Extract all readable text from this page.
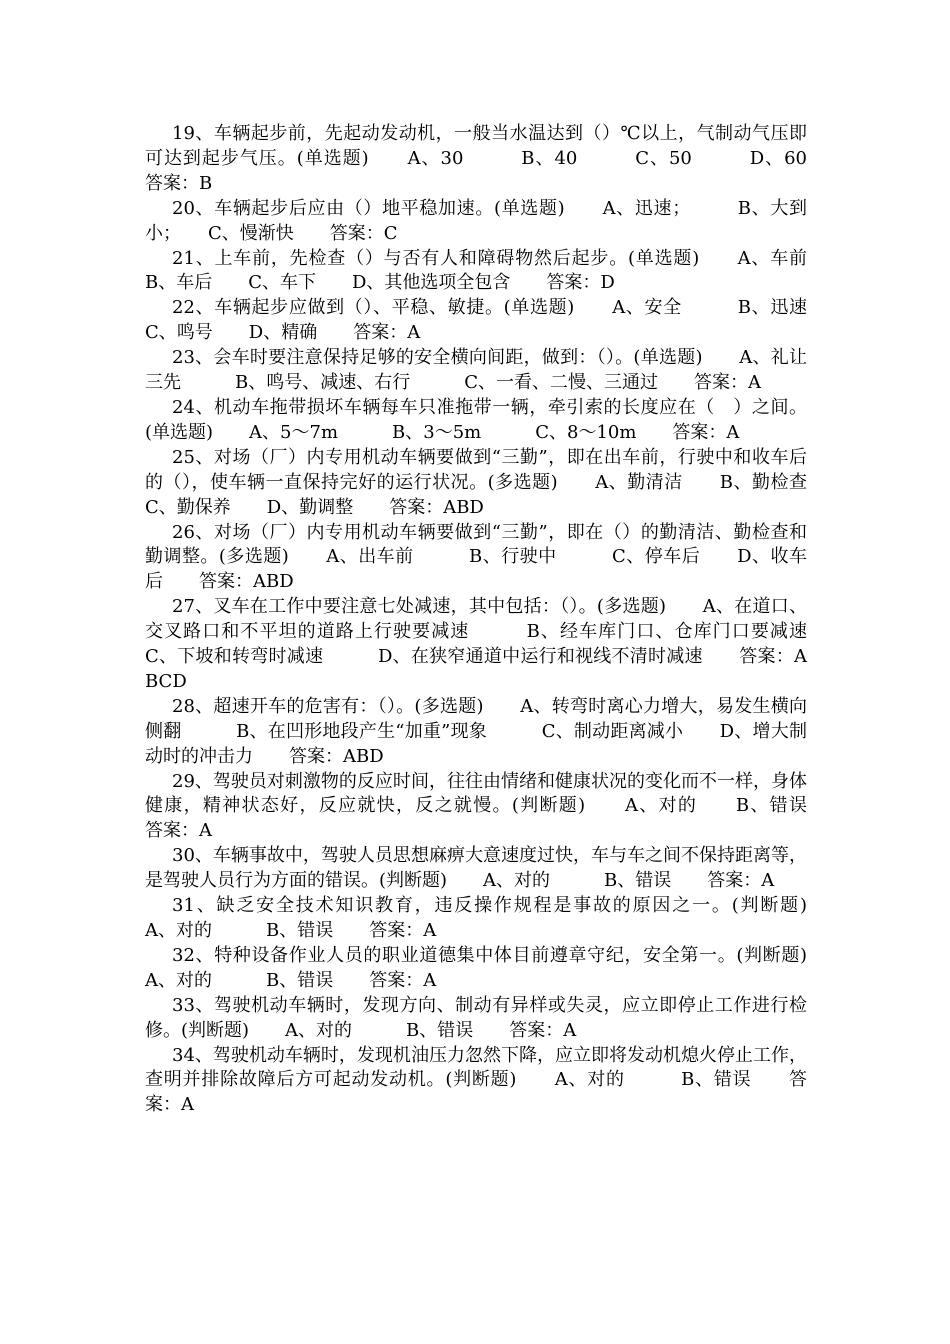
19、车辆起步前，先起动发动机，一般当水温达到（）℃以上，气制动气压即可达到起步气压。(单选题)　　A、30　　　B、40　　　C、50　　　D、60　　答案：B

20、车辆起步后应由（）地平稳加速。(单选题)　　A、迅速；　　　B、大到小；　　C、慢渐快　　答案：C

21、上车前，先检查（）与否有人和障碍物然后起步。(单选题)　　A、车前　　B、车后　　C、车下　　D、其他选项全包含　　答案：D

22、车辆起步应做到（）、平稳、敏捷。(单选题)　　A、安全　　　B、迅速　　C、鸣号　　D、精确　　答案：A

23、会车时要注意保持足够的安全横向间距，做到：（）。(单选题)　　A、礼让三先　　　B、鸣号、减速、右行　　　C、一看、二慢、三通过　　答案：A

24、机动车拖带损坏车辆每车只准拖带一辆，牵引索的长度应在（　）之间。(单选题)　　A、5～7m　　　B、3～5m　　　C、8～10m　　答案：A

25、对场（厂）内专用机动车辆要做到“三勤”，即在出车前，行驶中和收车后的（），使车辆一直保持完好的运行状况。(多选题)　　A、勤清洁　　B、勤检查　　C、勤保养　　D、勤调整　　答案：ABD

26、对场（厂）内专用机动车辆要做到“三勤”，即在（）的勤清洁、勤检查和勤调整。(多选题)　　A、出车前　　　B、行驶中　　　C、停车后　　D、收车后　　答案：ABD

27、叉车在工作中要注意七处减速，其中包括：（）。(多选题)　　A、在道口、交叉路口和不平坦的道路上行驶要减速　　　B、经车库门口、仓库门口要减速　　　C、下坡和转弯时减速　　　D、在狭窄通道中运行和视线不清时减速　　答案：ABCD

28、超速开车的危害有：（）。(多选题)　　A、转弯时离心力增大，易发生横向侧翻　　　B、在凹形地段产生“加重”现象　　　C、制动距离减小　　D、增大制动时的冲击力　　答案：ABD

29、驾驶员对刺激物的反应时间，往往由情绪和健康状况的变化而不一样，身体健康，精神状态好，反应就快，反之就慢。(判断题)　　A、对的　　B、错误　　答案：A

30、车辆事故中，驾驶人员思想麻痹大意速度过快，车与车之间不保持距离等，是驾驶人员行为方面的错误。(判断题)　　A、对的　　　B、错误　　答案：A

31、缺乏安全技术知识教育，违反操作规程是事故的原因之一。(判断题)　　A、对的　　　B、错误　　答案：A

32、特种设备作业人员的职业道德集中体目前遵章守纪，安全第一。(判断题)　　A、对的　　　B、错误　　答案：A

33、驾驶机动车辆时，发现方向、制动有异样或失灵，应立即停止工作进行检修。(判断题)　　A、对的　　　B、错误　　答案：A

34、驾驶机动车辆时，发现机油压力忽然下降，应立即将发动机熄火停止工作，查明并排除故障后方可起动发动机。(判断题)　　A、对的　　　B、错误　　答案：A
